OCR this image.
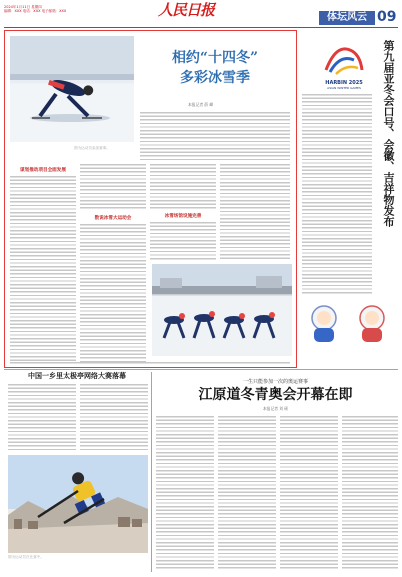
2024年1月11日 星期四
编辑：XXX 电话：XXX 电子邮箱：XXX	人民日报	体坛风云 09
相约“十四冬”
多彩冰雪季
本报记者 薛 峰
图为运动员参加赛事。
谋划推动项目全面发展
数说冰雪大运动会	冰雪场馆设施完善
HARBIN 2025
ASIAN WINTER GAMES	第九届亚冬会口号、会徽、吉祥物发布
中国一乡里太极亭网络大赛落幕
图为运动员在比赛中。
一生只能参加一次的奥运赛事
江原道冬青奥会开幕在即
本报记者 刘 硕
